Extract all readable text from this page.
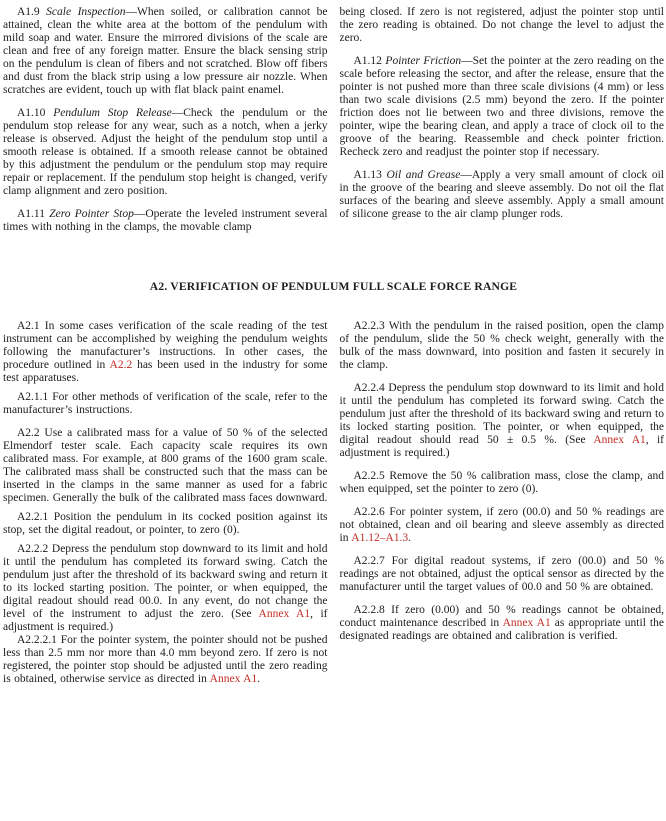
A1.9 Scale Inspection—When soiled, or calibration cannot be attained, clean the white area at the bottom of the pendulum with mild soap and water. Ensure the mirrored divisions of the scale are clean and free of any foreign matter. Ensure the black sensing strip on the pendulum is clean of fibers and not scratched. Blow off fibers and dust from the black strip using a low pressure air nozzle. When scratches are evident, touch up with flat black paint enamel.

A1.10 Pendulum Stop Release—Check the pendulum or the pendulum stop release for any wear, such as a notch, when a jerky release is observed. Adjust the height of the pendulum stop until a smooth release is obtained. If a smooth release cannot be obtained by this adjustment the pendulum or the pendulum stop may require repair or replacement. If the pendulum stop height is changed, verify clamp alignment and zero position.

A1.11 Zero Pointer Stop—Operate the leveled instrument several times with nothing in the clamps, the movable clamp

being closed. If zero is not registered, adjust the pointer stop until the zero reading is obtained. Do not change the level to adjust the zero.

A1.12 Pointer Friction—Set the pointer at the zero reading on the scale before releasing the sector, and after the release, ensure that the pointer is not pushed more than three scale divisions (4 mm) or less than two scale divisions (2.5 mm) beyond the zero. If the pointer friction does not lie between two and three divisions, remove the pointer, wipe the bearing clean, and apply a trace of clock oil to the groove of the bearing. Reassemble and check pointer friction. Recheck zero and readjust the pointer stop if necessary.

A1.13 Oil and Grease—Apply a very small amount of clock oil in the groove of the bearing and sleeve assembly. Do not oil the flat surfaces of the bearing and sleeve assembly. Apply a small amount of silicone grease to the air clamp plunger rods.

A2. VERIFICATION OF PENDULUM FULL SCALE FORCE RANGE

A2.1 In some cases verification of the scale reading of the test instrument can be accomplished by weighing the pendulum weights following the manufacturer’s instructions. In other cases, the procedure outlined in A2.2 has been used in the industry for some test apparatuses.

A2.1.1 For other methods of verification of the scale, refer to the manufacturer’s instructions.

A2.2 Use a calibrated mass for a value of 50 % of the selected Elmendorf tester scale. Each capacity scale requires its own calibrated mass. For example, at 800 grams of the 1600 gram scale. The calibrated mass shall be constructed such that the mass can be inserted in the clamps in the same manner as used for a fabric specimen. Generally the bulk of the calibrated mass faces downward.

A2.2.1 Position the pendulum in its cocked position against its stop, set the digital readout, or pointer, to zero (0).

A2.2.2 Depress the pendulum stop downward to its limit and hold it until the pendulum has completed its forward swing. Catch the pendulum just after the threshold of its backward swing and return it to its locked starting position. The pointer, or when equipped, the digital readout should read 00.0. In any event, do not change the level of the instrument to adjust the zero. (See Annex A1, if adjustment is required.)

A2.2.2.1 For the pointer system, the pointer should not be pushed less than 2.5 mm nor more than 4.0 mm beyond zero. If zero is not registered, the pointer stop should be adjusted until the zero reading is obtained, otherwise service as directed in Annex A1.

A2.2.3 With the pendulum in the raised position, open the clamp of the pendulum, slide the 50 % check weight, generally with the bulk of the mass downward, into position and fasten it securely in the clamp.

A2.2.4 Depress the pendulum stop downward to its limit and hold it until the pendulum has completed its forward swing. Catch the pendulum just after the threshold of its backward swing and return to its locked starting position. The pointer, or when equipped, the digital readout should read 50 ± 0.5 %. (See Annex A1, if adjustment is required.)

A2.2.5 Remove the 50 % calibration mass, close the clamp, and when equipped, set the pointer to zero (0).

A2.2.6 For pointer system, if zero (00.0) and 50 % readings are not obtained, clean and oil bearing and sleeve assembly as directed in A1.12–A1.3.

A2.2.7 For digital readout systems, if zero (00.0) and 50 % readings are not obtained, adjust the optical sensor as directed by the manufacturer until the target values of 00.0 and 50 % are obtained.

A2.2.8 If zero (0.00) and 50 % readings cannot be obtained, conduct maintenance described in Annex A1 as appropriate until the designated readings are obtained and calibration is verified.
